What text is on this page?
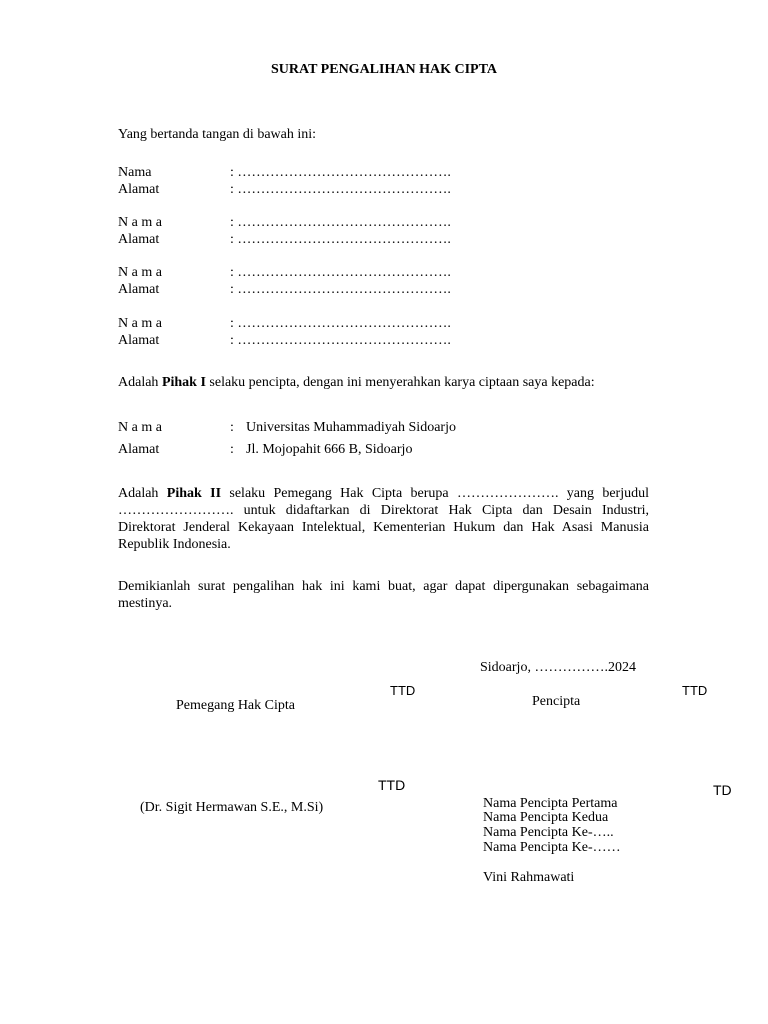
SURAT PENGALIHAN HAK CIPTA
Yang bertanda tangan di bawah ini:
Nama	: ……………………………………….
Alamat	: ……………………………………….
N a m a	: ……………………………………….
Alamat	: ……………………………………….
N a m a	: ……………………………………….
Alamat	: ……………………………………….
N a m a	: ……………………………………….
Alamat	: ……………………………………….
Adalah Pihak I selaku pencipta, dengan ini menyerahkan karya ciptaan saya kepada:
N a m a	: Universitas Muhammadiyah Sidoarjo
Alamat	: Jl. Mojopahit 666 B, Sidoarjo
Adalah Pihak II selaku Pemegang Hak Cipta berupa …………………. yang berjudul ……………………. untuk didaftarkan di Direktorat Hak Cipta dan Desain Industri, Direktorat Jenderal Kekayaan Intelektual, Kementerian Hukum dan Hak Asasi Manusia Republik Indonesia.
Demikianlah surat pengalihan hak ini kami buat, agar dapat dipergunakan sebagaimana mestinya.
Sidoarjo, …………….2024
TTD	TTD
Pemegang Hak Cipta	Pencipta
TTD	TD
(Dr. Sigit Hermawan S.E., M.Si)	Nama Pencipta Pertama
Nama Pencipta Kedua
Nama Pencipta Ke-…..
Nama Pencipta Ke-……
Vini Rahmawati
